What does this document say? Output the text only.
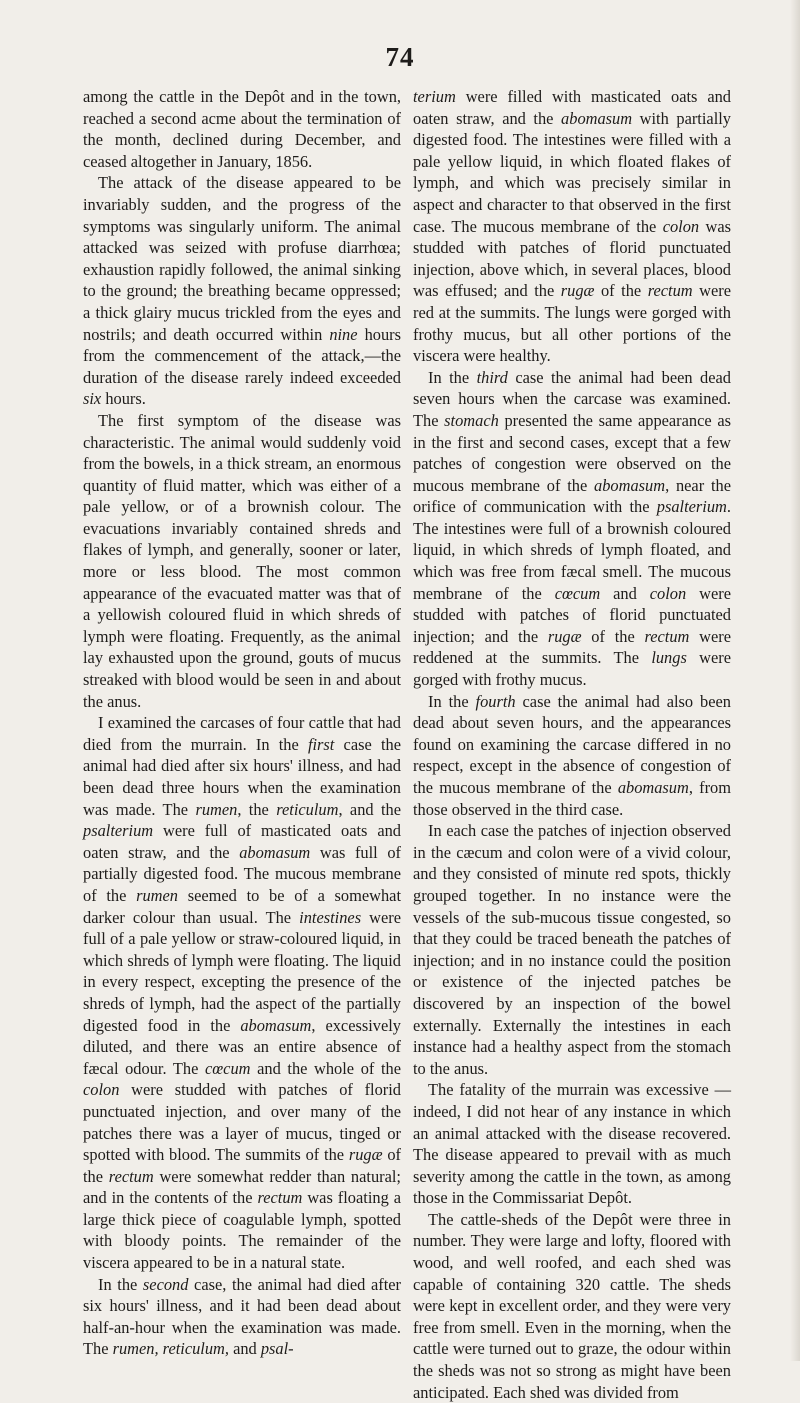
74

among the cattle in the Depôt and in the town, reached a second acme about the termination of the month, declined during December, and ceased altogether in January, 1856.

The attack of the disease appeared to be invariably sudden, and the progress of the symptoms was singularly uniform. The animal attacked was seized with profuse diarrhœa; exhaustion rapidly followed, the animal sinking to the ground; the breathing became oppressed; a thick glairy mucus trickled from the eyes and nostrils; and death occurred within nine hours from the commencement of the attack,—the duration of the disease rarely indeed exceeded six hours.

The first symptom of the disease was characteristic. The animal would suddenly void from the bowels, in a thick stream, an enormous quantity of fluid matter, which was either of a pale yellow, or of a brownish colour. The evacuations invariably contained shreds and flakes of lymph, and generally, sooner or later, more or less blood. The most common appearance of the evacuated matter was that of a yellowish coloured fluid in which shreds of lymph were floating. Frequently, as the animal lay exhausted upon the ground, gouts of mucus streaked with blood would be seen in and about the anus.

I examined the carcases of four cattle that had died from the murrain. In the first case the animal had died after six hours' illness, and had been dead three hours when the examination was made. The rumen, the reticulum, and the psalterium were full of masticated oats and oaten straw, and the abomasum was full of partially digested food. The mucous membrane of the rumen seemed to be of a somewhat darker colour than usual. The intestines were full of a pale yellow or straw-coloured liquid, in which shreds of lymph were floating. The liquid in every respect, excepting the presence of the shreds of lymph, had the aspect of the partially digested food in the abomasum, excessively diluted, and there was an entire absence of fæcal odour. The cœcum and the whole of the colon were studded with patches of florid punctuated injection, and over many of the patches there was a layer of mucus, tinged or spotted with blood. The summits of the rugæ of the rectum were somewhat redder than natural; and in the contents of the rectum was floating a large thick piece of coagulable lymph, spotted with bloody points. The remainder of the viscera appeared to be in a natural state.

In the second case, the animal had died after six hours' illness, and it had been dead about half-an-hour when the examination was made. The rumen, reticulum, and psal-

terium were filled with masticated oats and oaten straw, and the abomasum with partially digested food. The intestines were filled with a pale yellow liquid, in which floated flakes of lymph, and which was precisely similar in aspect and character to that observed in the first case. The mucous membrane of the colon was studded with patches of florid punctuated injection, above which, in several places, blood was effused; and the rugæ of the rectum were red at the summits. The lungs were gorged with frothy mucus, but all other portions of the viscera were healthy.

In the third case the animal had been dead seven hours when the carcase was examined. The stomach presented the same appearance as in the first and second cases, except that a few patches of congestion were observed on the mucous membrane of the abomasum, near the orifice of communication with the psalterium. The intestines were full of a brownish coloured liquid, in which shreds of lymph floated, and which was free from fæcal smell. The mucous membrane of the cœcum and colon were studded with patches of florid punctuated injection; and the rugæ of the rectum were reddened at the summits. The lungs were gorged with frothy mucus.

In the fourth case the animal had also been dead about seven hours, and the appearances found on examining the carcase differed in no respect, except in the absence of congestion of the mucous membrane of the abomasum, from those observed in the third case.

In each case the patches of injection observed in the cæcum and colon were of a vivid colour, and they consisted of minute red spots, thickly grouped together. In no instance were the vessels of the sub-mucous tissue congested, so that they could be traced beneath the patches of injection; and in no instance could the position or existence of the injected patches be discovered by an inspection of the bowel externally. Externally the intestines in each instance had a healthy aspect from the stomach to the anus.

The fatality of the murrain was excessive —indeed, I did not hear of any instance in which an animal attacked with the disease recovered. The disease appeared to prevail with as much severity among the cattle in the town, as among those in the Commissariat Depôt.

The cattle-sheds of the Depôt were three in number. They were large and lofty, floored with wood, and well roofed, and each shed was capable of containing 320 cattle. The sheds were kept in excellent order, and they were very free from smell. Even in the morning, when the cattle were turned out to graze, the odour within the sheds was not so strong as might have been anticipated. Each shed was divided from
